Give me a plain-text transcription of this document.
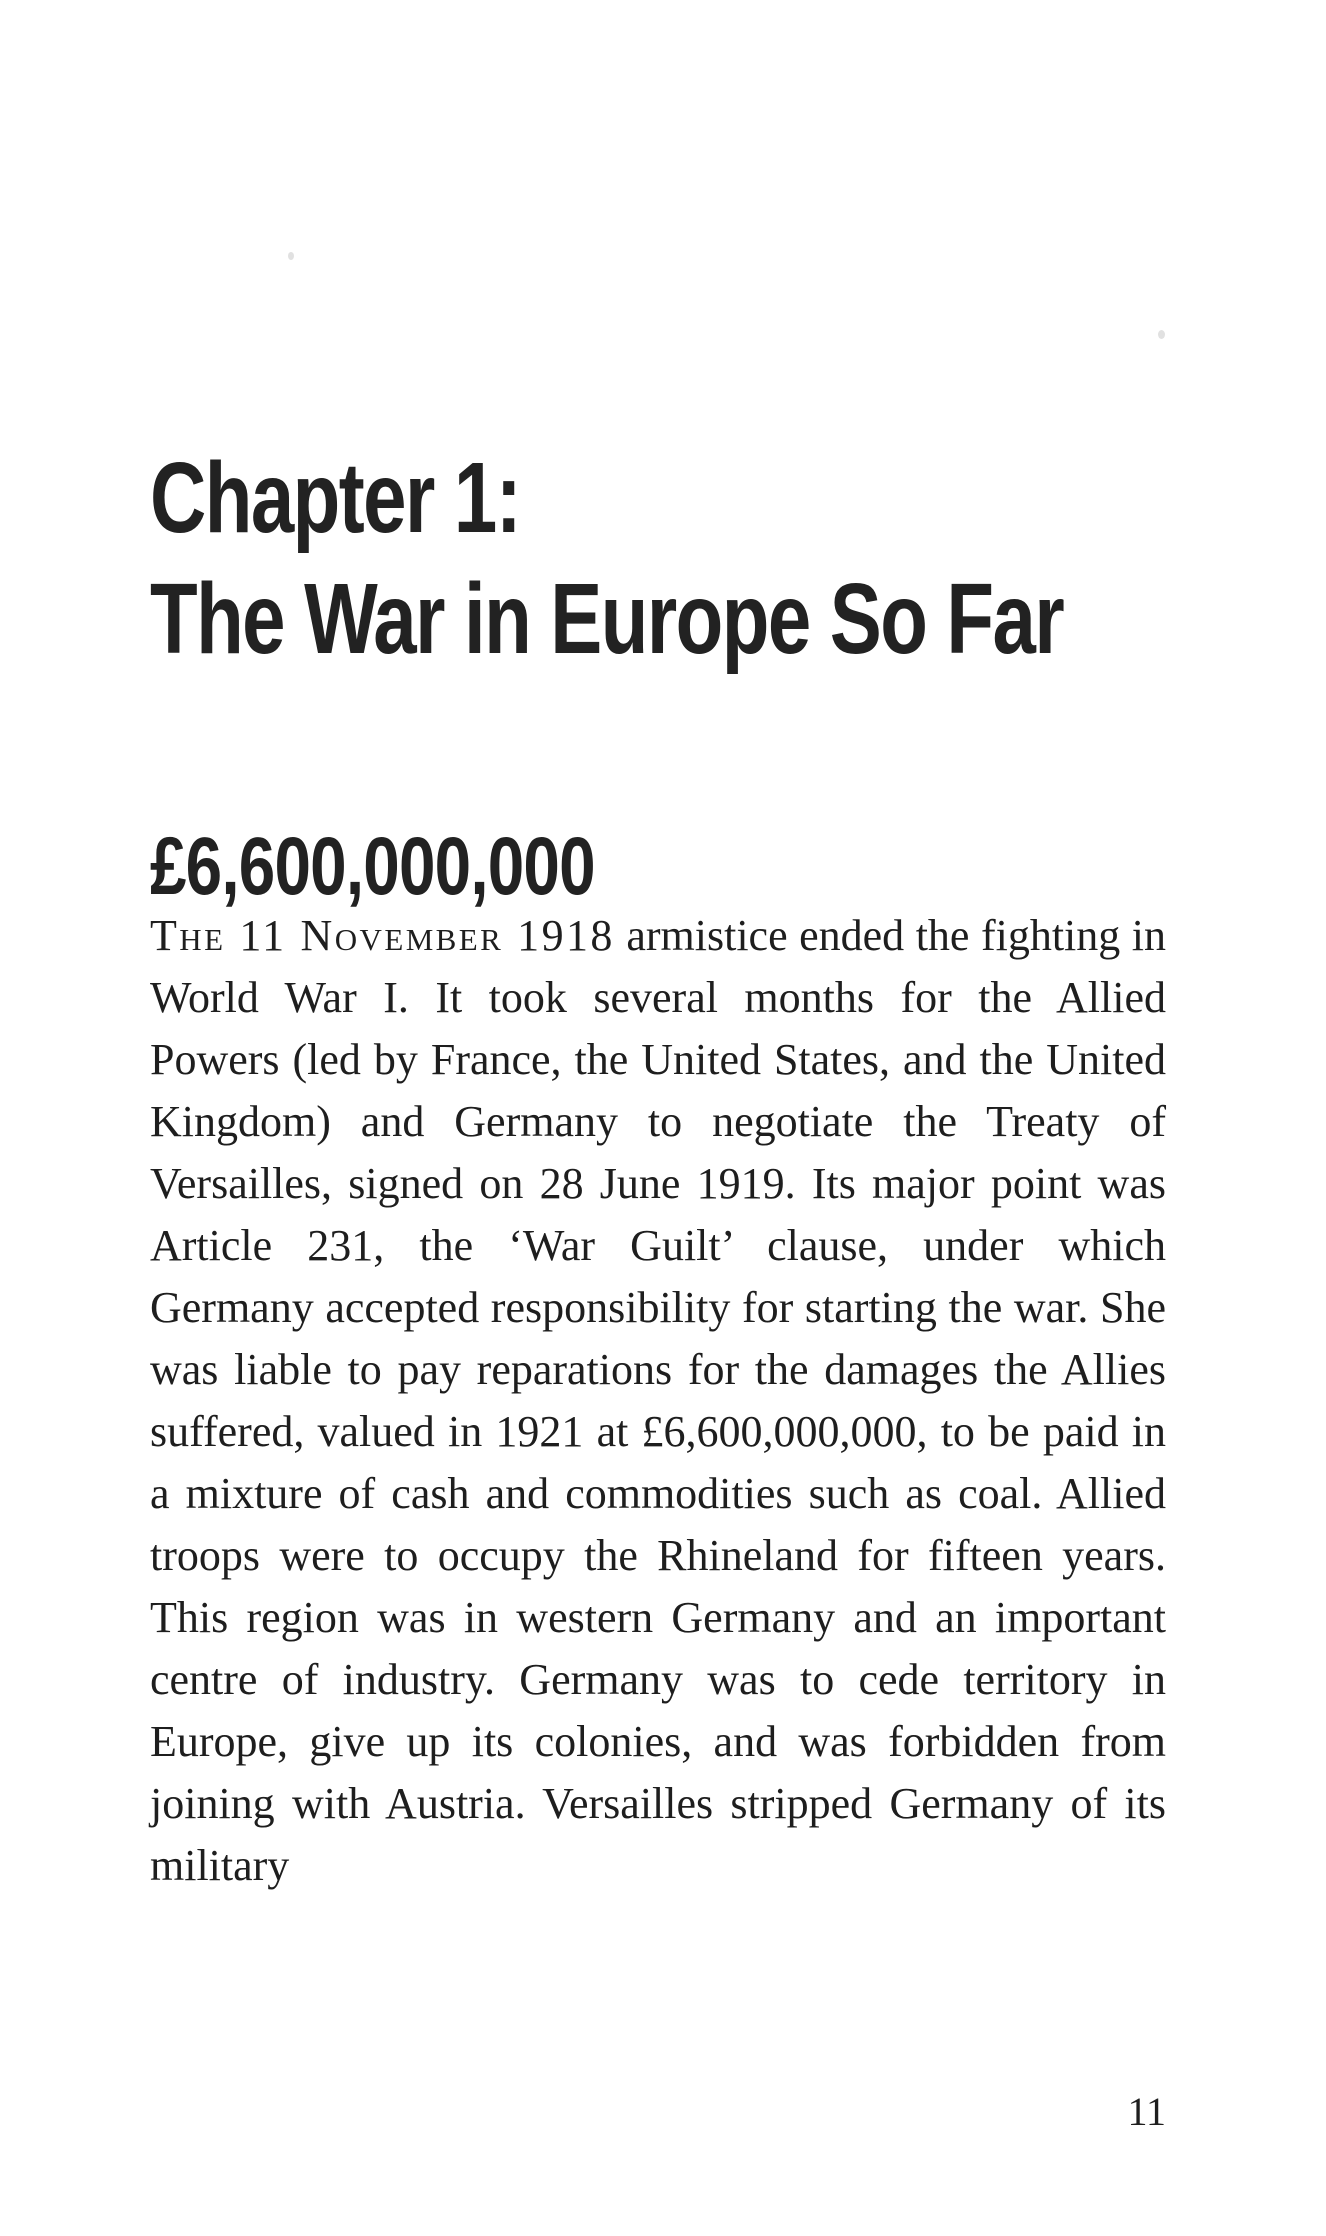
Chapter 1:
The War in Europe So Far
£6,600,000,000

The 11 November 1918 armistice ended the fighting in World War I. It took several months for the Allied Powers (led by France, the United States, and the United Kingdom) and Germany to negotiate the Treaty of Versailles, signed on 28 June 1919. Its major point was Article 231, the ‘War Guilt’ clause, under which Germany accepted responsibility for starting the war. She was liable to pay reparations for the damages the Allies suffered, valued in 1921 at £6,600,000,000, to be paid in a mixture of cash and commodities such as coal. Allied troops were to occupy the Rhineland for fifteen years. This region was in western Germany and an important centre of industry. Germany was to cede territory in Europe, give up its colonies, and was forbidden from joining with Austria. Versailles stripped Germany of its military

11
